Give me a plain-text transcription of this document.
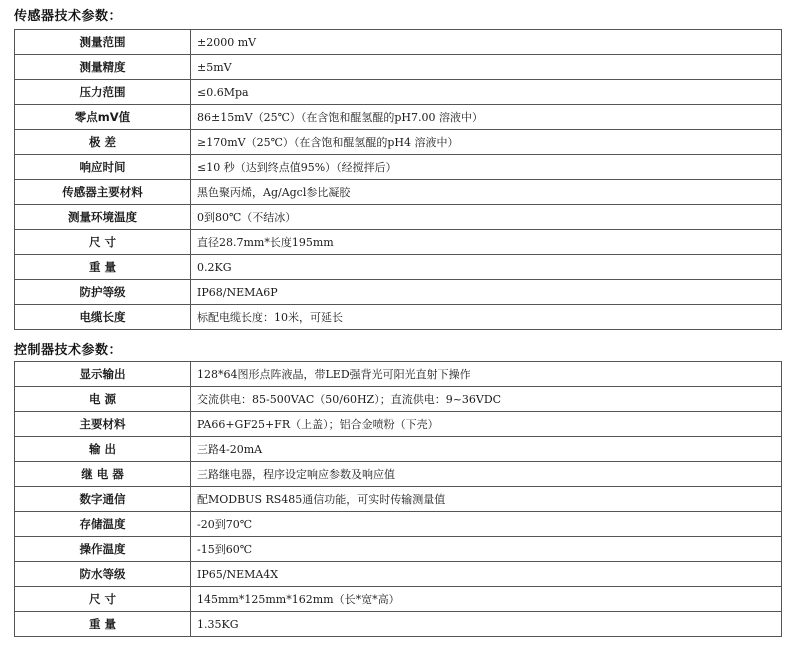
传感器技术参数：
测量范围	±2000 mV
测量精度	±5mV
压力范围	≤0.6Mpa
零点mV值	86±15mV（25℃）（在含饱和醌氢醌的pH7.00 溶液中）
极 差	≥170mV（25℃）（在含饱和醌氢醌的pH4 溶液中）
响应时间	≤10 秒（达到终点值95%）（经搅拌后）
传感器主要材料	黑色聚丙烯，Ag/Agcl参比凝胶
测量环境温度	0到80℃（不结冰）
尺 寸	直径28.7mm*长度195mm
重 量	0.2KG
防护等级	IP68/NEMA6P
电缆长度	标配电缆长度：10米，可延长
控制器技术参数：
显示输出	128*64图形点阵液晶，带LED强背光可阳光直射下操作
电 源	交流供电：85-500VAC（50/60HZ）；直流供电：9~36VDC
主要材料	PA66+GF25+FR（上盖）；铝合金喷粉（下壳）
输 出	三路4-20mA
继 电 器	三路继电器，程序设定响应参数及响应值
数字通信	配MODBUS RS485通信功能，可实时传输测量值
存储温度	-20到70℃
操作温度	-15到60℃
防水等级	IP65/NEMA4X
尺 寸	145mm*125mm*162mm（长*宽*高）
重 量	1.35KG
